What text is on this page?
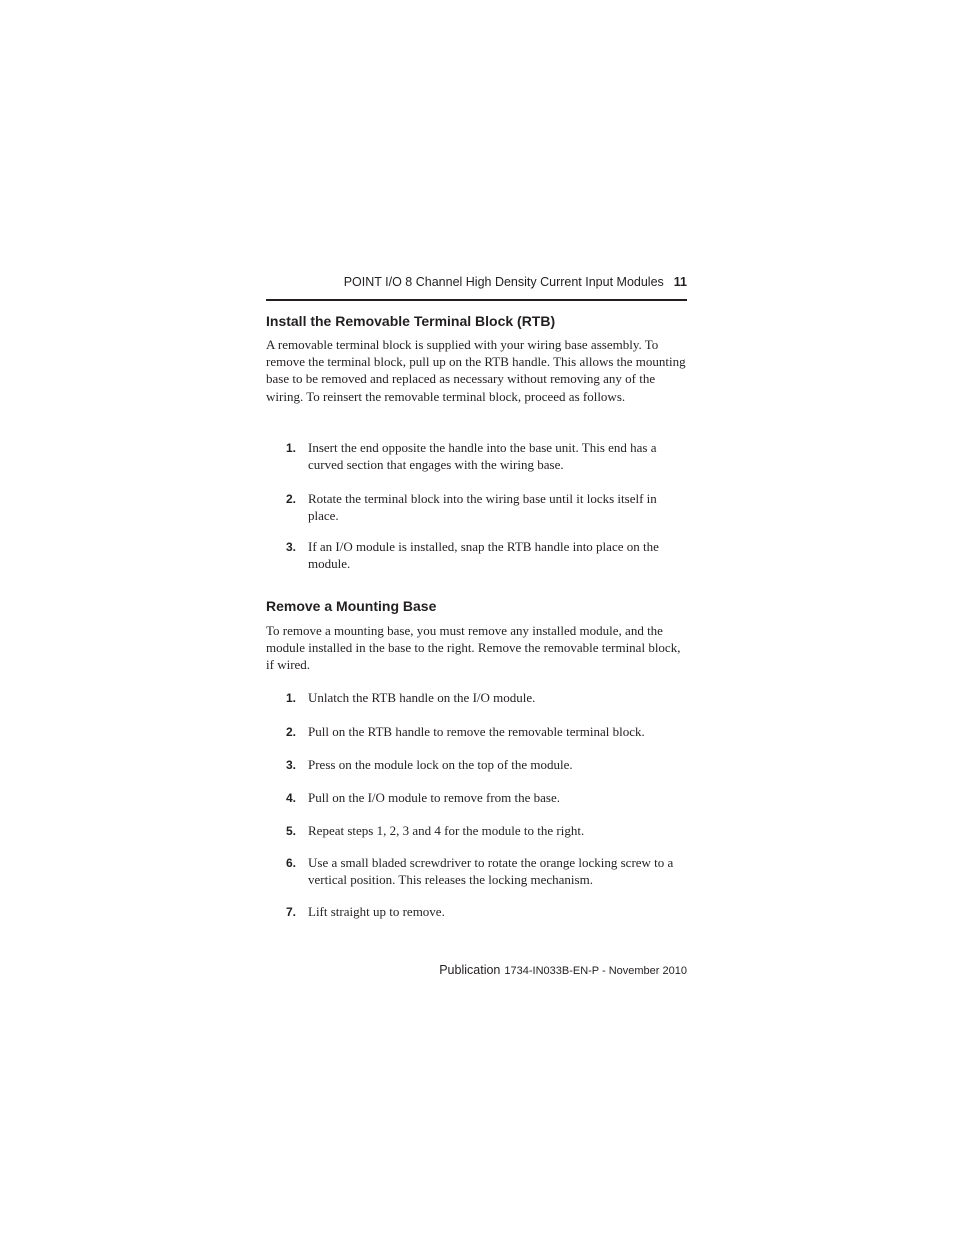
POINT I/O 8 Channel High Density Current Input Modules 11
Install the Removable Terminal Block (RTB)
A removable terminal block is supplied with your wiring base assembly. To remove the terminal block, pull up on the RTB handle. This allows the mounting base to be removed and replaced as necessary without removing any of the wiring. To reinsert the removable terminal block, proceed as follows.
1. Insert the end opposite the handle into the base unit. This end has a curved section that engages with the wiring base.
2. Rotate the terminal block into the wiring base until it locks itself in place.
3. If an I/O module is installed, snap the RTB handle into place on the module.
Remove a Mounting Base
To remove a mounting base, you must remove any installed module, and the module installed in the base to the right. Remove the removable terminal block, if wired.
1. Unlatch the RTB handle on the I/O module.
2. Pull on the RTB handle to remove the removable terminal block.
3. Press on the module lock on the top of the module.
4. Pull on the I/O module to remove from the base.
5. Repeat steps 1, 2, 3 and 4 for the module to the right.
6. Use a small bladed screwdriver to rotate the orange locking screw to a vertical position. This releases the locking mechanism.
7. Lift straight up to remove.
Publication 1734-IN033B-EN-P - November 2010
